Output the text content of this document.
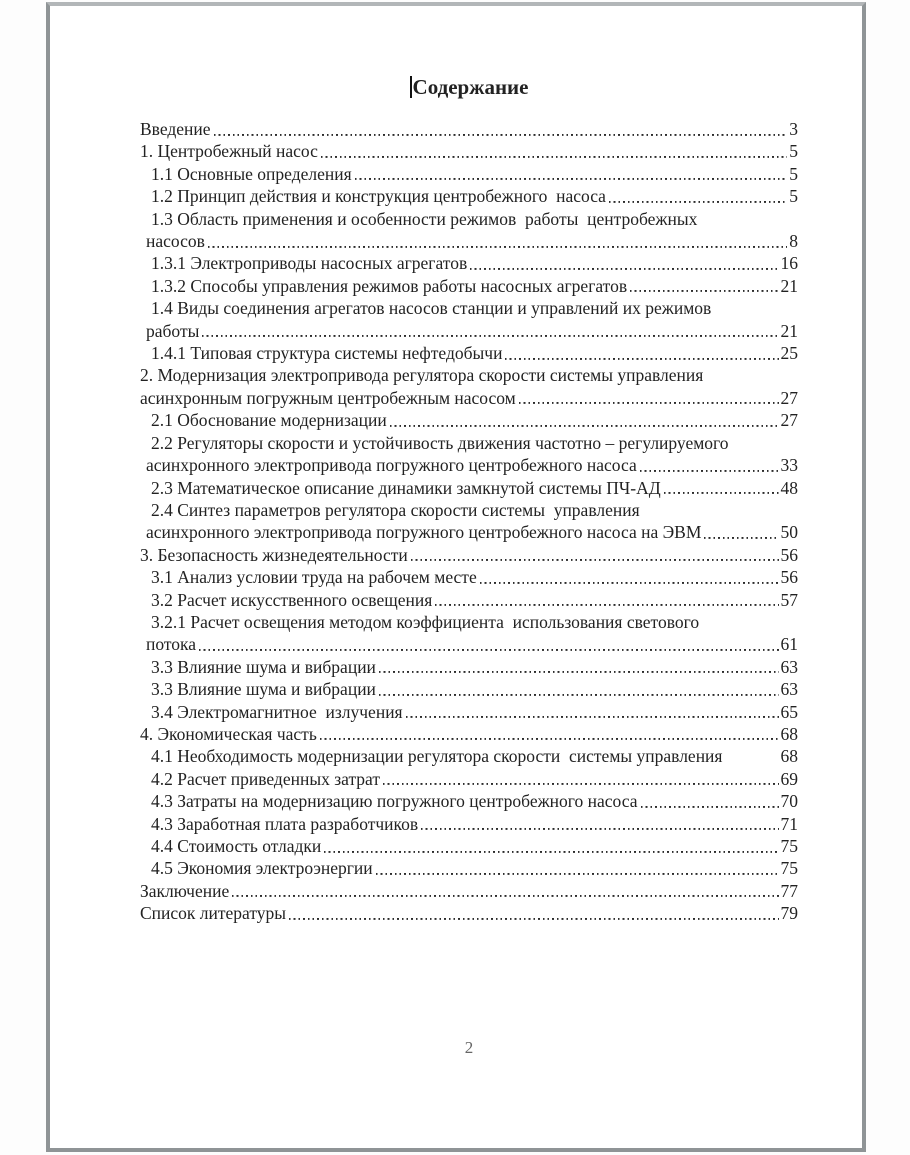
Содержание
Введение	3
1. Центробежный насос	5
1.1 Основные определения	5
1.2 Принцип действия и конструкция центробежного  насоса	5
1.3 Область применения и особенности режимов  работы  центробежных
насосов	8
1.3.1 Электроприводы насосных агрегатов	16
1.3.2 Способы управления режимов работы насосных агрегатов	21
1.4 Виды соединения агрегатов насосов станции и управлений их режимов
работы	21
1.4.1 Типовая структура системы нефтедобычи	25
2. Модернизация электропривода регулятора скорости системы управления
асинхронным погружным центробежным насосом	27
2.1 Обоснование модернизации	27
2.2 Регуляторы скорости и устойчивость движения частотно – регулируемого
асинхронного электропривода погружного центробежного насоса	33
2.3 Математическое описание динамики замкнутой системы ПЧ-АД	48
2.4 Синтез параметров регулятора скорости системы  управления
асинхронного электропривода погружного центробежного насоса на ЭВМ	50
3. Безопасность жизнедеятельности	56
3.1 Анализ условии труда на рабочем месте	56
3.2 Расчет искусственного освещения	57
3.2.1 Расчет освещения методом коэффициента  использования светового
потока	61
3.3 Влияние шума и вибрации	63
3.3 Влияние шума и вибрации	63
3.4 Электромагнитное  излучения	65
4. Экономическая часть	68
4.1 Необходимость модернизации регулятора скорости  системы управления	68
4.2 Расчет приведенных затрат	69
4.3 Затраты на модернизацию погружного центробежного насоса	70
4.3 Заработная плата разработчиков	71
4.4 Стоимость отладки	75
4.5 Экономия электроэнергии	75
Заключение	77
Список литературы	79
2
